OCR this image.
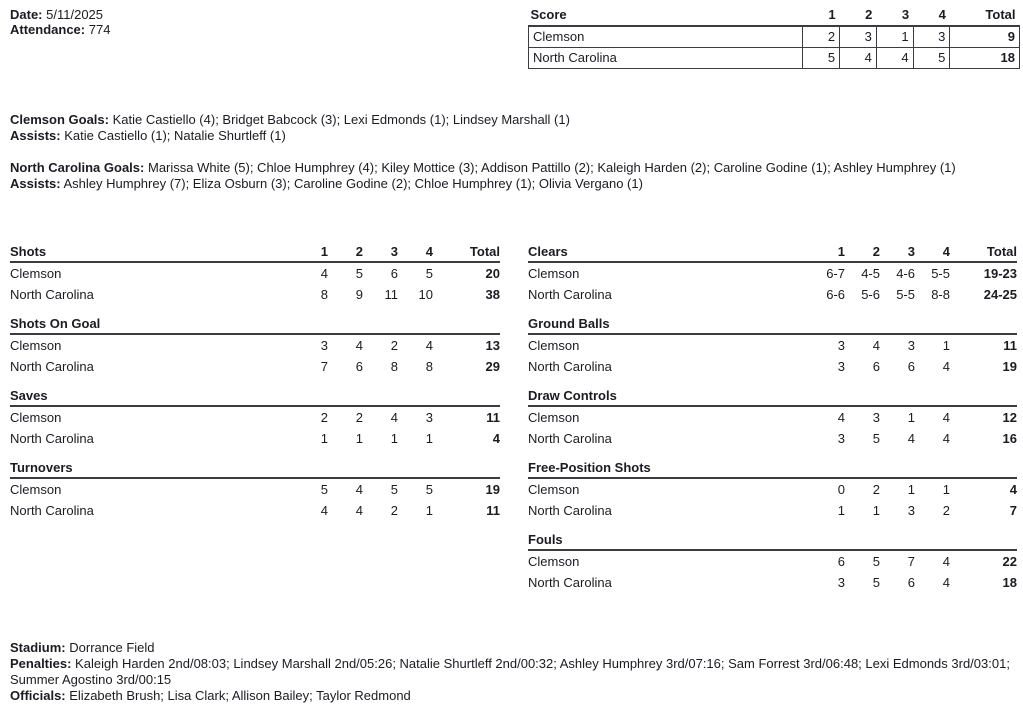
Date: 5/11/2025
Attendance: 774
Score	1	2	3	4	Total
Clemson	2	3	1	3	9
North Carolina	5	4	4	5	18
Clemson Goals: Katie Castiello (4); Bridget Babcock (3); Lexi Edmonds (1); Lindsey Marshall (1)
Assists: Katie Castiello (1); Natalie Shurtleff (1)
North Carolina Goals: Marissa White (5); Chloe Humphrey (4); Kiley Mottice (3); Addison Pattillo (2); Kaleigh Harden (2); Caroline Godine (1); Ashley Humphrey (1)
Assists: Ashley Humphrey (7); Eliza Osburn (3); Caroline Godine (2); Chloe Humphrey (1); Olivia Vergano (1)
Shots	1	2	3	4	Total
Clemson	4	5	6	5	20
North Carolina	8	9	11	10	38
Shots On Goal
Clemson	3	4	2	4	13
North Carolina	7	6	8	8	29
Saves
Clemson	2	2	4	3	11
North Carolina	1	1	1	1	4
Turnovers
Clemson	5	4	5	5	19
North Carolina	4	4	2	1	11
Clears	1	2	3	4	Total
Clemson	6-7	4-5	4-6	5-5	19-23
North Carolina	6-6	5-6	5-5	8-8	24-25
Ground Balls
Clemson	3	4	3	1	11
North Carolina	3	6	6	4	19
Draw Controls
Clemson	4	3	1	4	12
North Carolina	3	5	4	4	16
Free-Position Shots
Clemson	0	2	1	1	4
North Carolina	1	1	3	2	7
Fouls
Clemson	6	5	7	4	22
North Carolina	3	5	6	4	18
Stadium: Dorrance Field
Penalties: Kaleigh Harden 2nd/08:03; Lindsey Marshall 2nd/05:26; Natalie Shurtleff 2nd/00:32; Ashley Humphrey 3rd/07:16; Sam Forrest 3rd/06:48; Lexi Edmonds 3rd/03:01; Summer Agostino 3rd/00:15
Officials: Elizabeth Brush; Lisa Clark; Allison Bailey; Taylor Redmond
